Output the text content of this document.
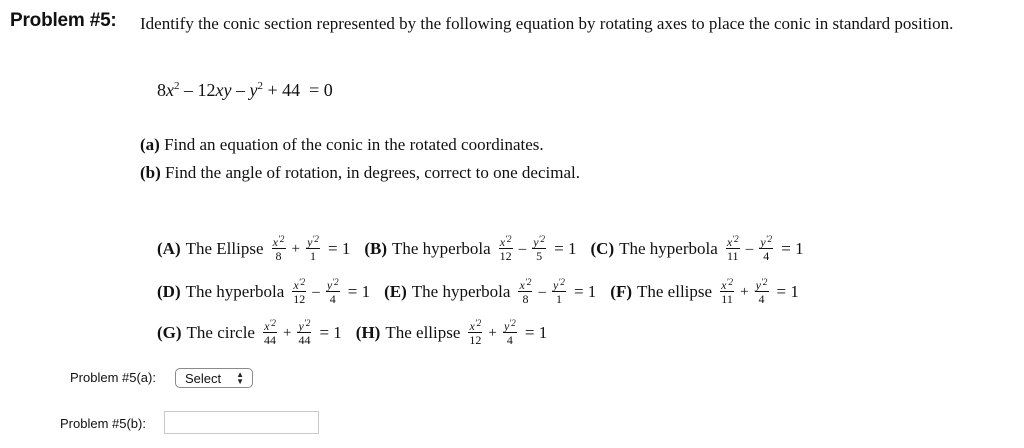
Problem #5: Identify the conic section represented by the following equation by rotating axes to place the conic in standard position.
$8x^2 - 12xy - y^2 + 44 = 0$
(a) Find an equation of the conic in the rotated coordinates.
(b) Find the angle of rotation, in degrees, correct to one decimal.
(A) The Ellipse $\frac{x^{'2}}{8} + \frac{y^{'2}}{1} = 1$ (B) The hyperbola $\frac{x^{'2}}{12} - \frac{y^{'2}}{5} = 1$ (C) The hyperbola $\frac{x^{'2}}{11} - \frac{y^{'2}}{4} = 1$
(D) The hyperbola $\frac{x^{'2}}{12} - \frac{y^{'2}}{4} = 1$ (E) The hyperbola $\frac{x^{'2}}{8} - \frac{y^{'2}}{1} = 1$ (F) The ellipse $\frac{x^{'2}}{11} + \frac{y^{'2}}{4} = 1$
(G) The circle $\frac{x^{'2}}{44} + \frac{y^{'2}}{44} = 1$ (H) The ellipse $\frac{x^{'2}}{12} + \frac{y^{'2}}{4} = 1$
Problem #5(a): Select ▲
▼
Problem #5(b):
